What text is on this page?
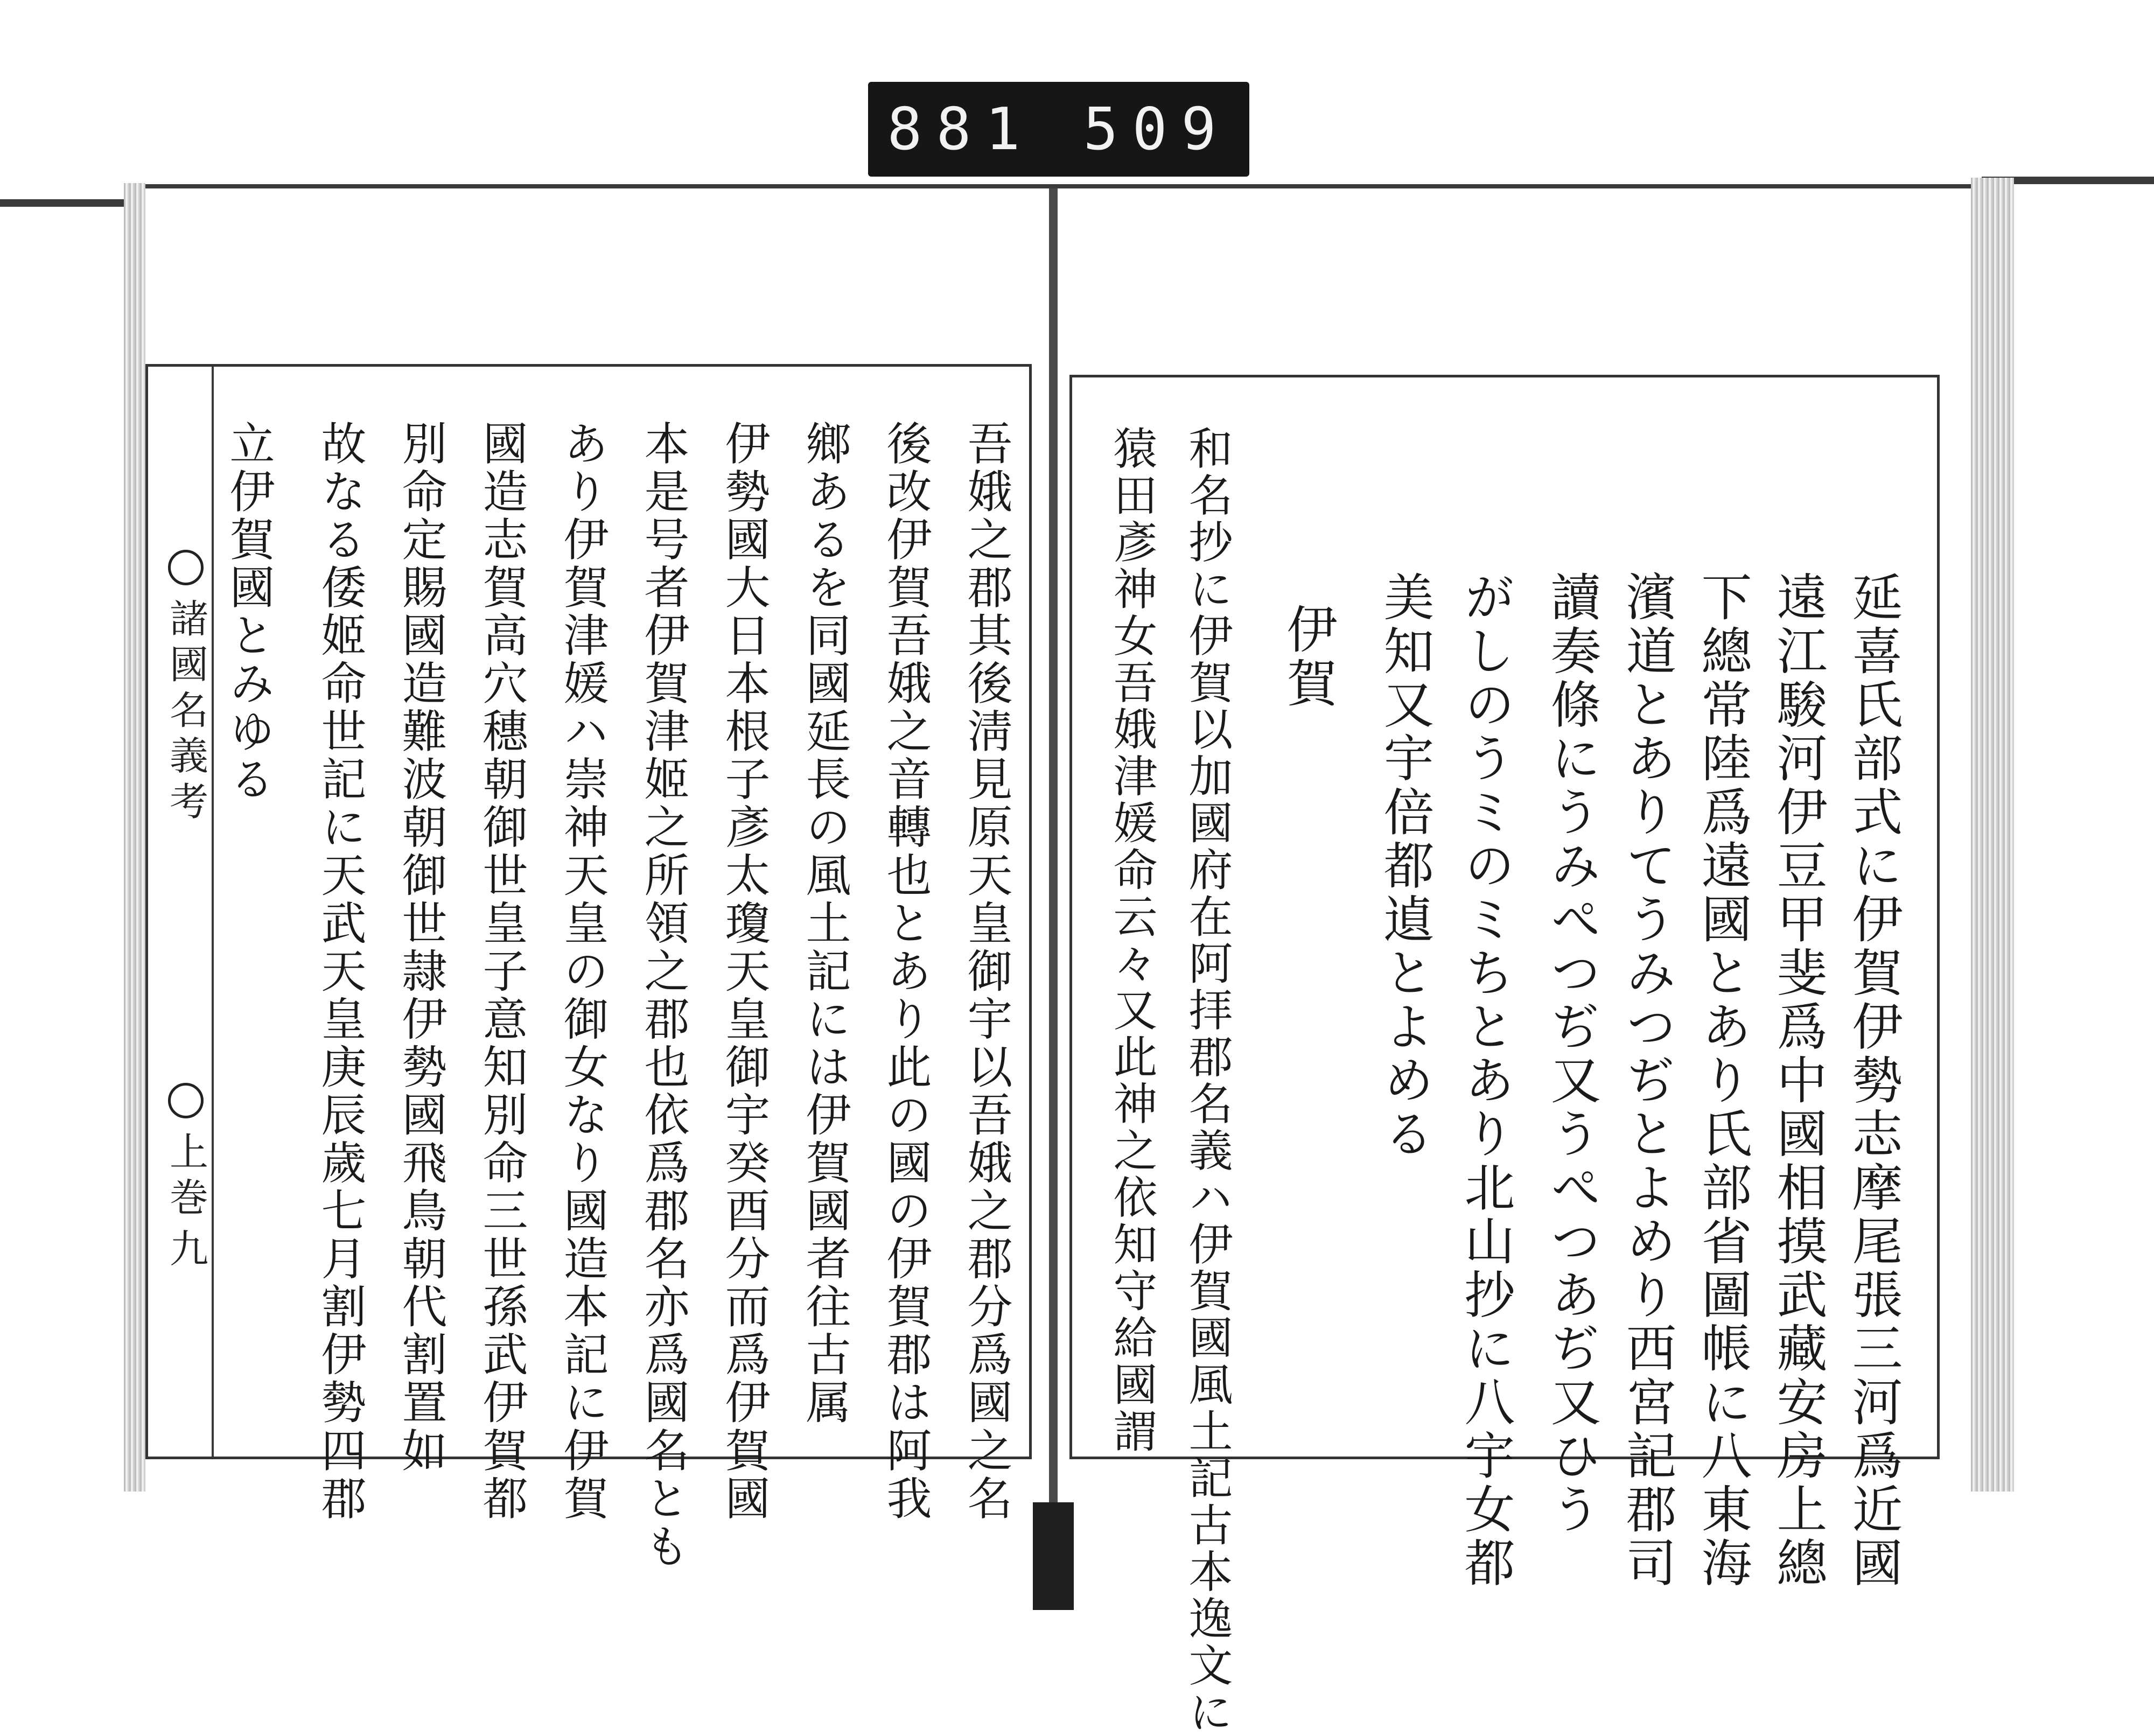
881 509
諸國名義考
上巻
九	延喜氏部式に伊賀伊勢志摩尾張三河爲近國
遠江駿河伊豆甲斐爲中國相摸武藏安房上總
下總常陸爲遠國とあり氏部省圖帳に八東海
濱道とありてうみつぢとよめり西宮記郡司
讀奏條にうみぺつぢ又うぺつあぢ又ひう
がしのうミのミちとあり北山抄に八宇女都
美知又宇倍都遉とよめる
伊賀
和名抄に伊賀以加國府在阿拝郡名義ハ伊賀國風土記古本逸文に
猿田彥神女吾娥津媛命云々又此神之依知守給國謂
吾娥之郡其後淸見原天皇御宇以吾娥之郡分爲國之名
後改伊賀吾娥之音轉也とあり此の國の伊賀郡は阿我
鄉あるを同國延長の風土記には伊賀國者往古属
伊勢國大日本根子彥太瓊天皇御宇癸酉分而爲伊賀國
本是号者伊賀津姬之所領之郡也依爲郡名亦爲國名とも
あり伊賀津媛ハ崇神天皇の御女なり國造本記に伊賀
國造志賀高穴穗朝御世皇子意知別命三世孫武伊賀都
別命定賜國造難波朝御世隷伊勢國飛鳥朝代割置如
故なる倭姬命世記に天武天皇庚辰歲七月割伊勢四郡
立伊賀國とみゆる
